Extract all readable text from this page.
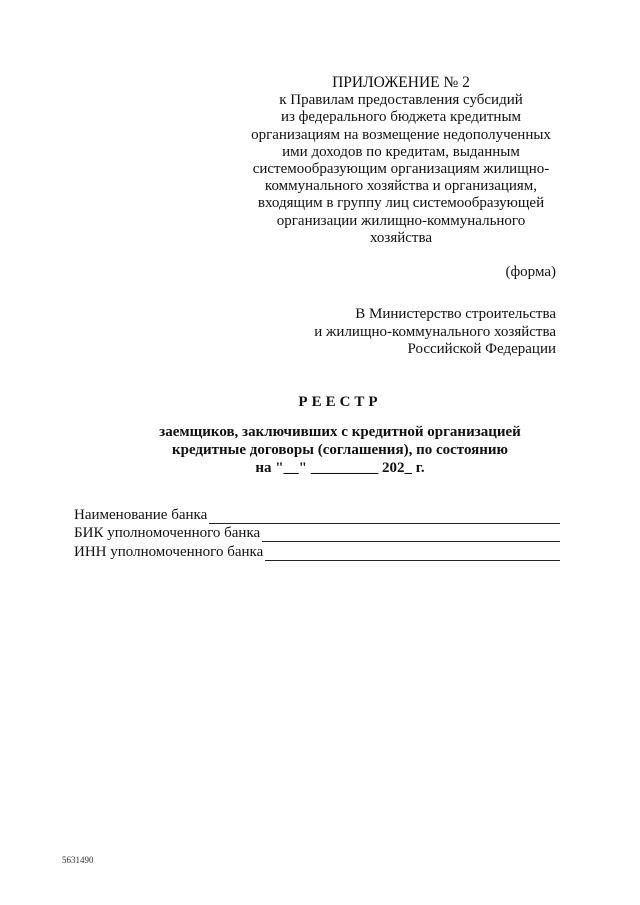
ПРИЛОЖЕНИЕ № 2
к Правилам предоставления субсидий
из федерального бюджета кредитным
организациям на возмещение недополученных
ими доходов по кредитам, выданным
системообразующим организациям жилищно-
коммунального хозяйства и организациям,
входящим в группу лиц системообразующей
организации жилищно-коммунального
хозяйства
(форма)
В Министерство строительства
и жилищно-коммунального хозяйства
Российской Федерации
РЕЕСТР
заемщиков, заключивших с кредитной организацией
кредитные договоры (соглашения), по состоянию
на "__" _________ 202_ г.
Наименование банка
БИК уполномоченного банка
ИНН уполномоченного банка
5631490
